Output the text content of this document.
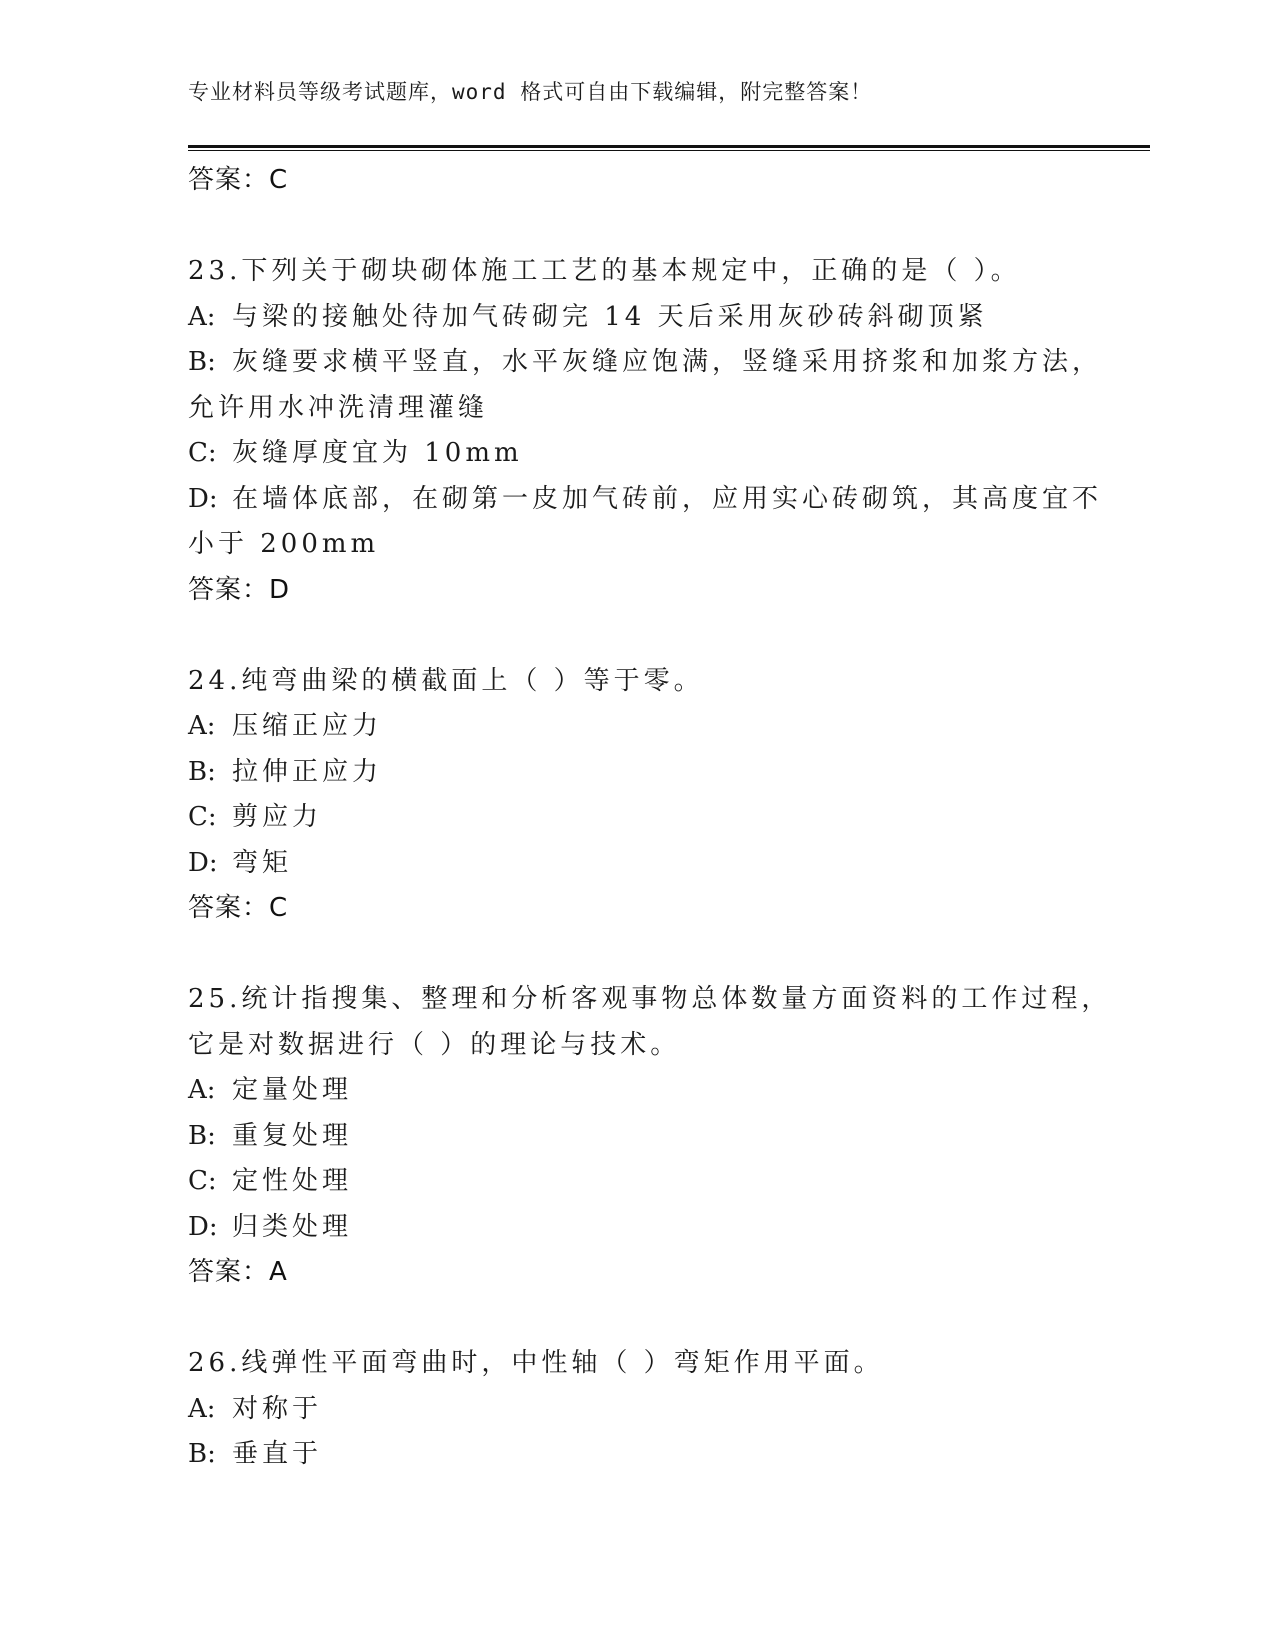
专业材料员等级考试题库，word 格式可自由下载编辑，附完整答案！
答案：C
23.下列关于砌块砌体施工工艺的基本规定中，正确的是（ ）。
A: 与梁的接触处待加气砖砌完 14 天后采用灰砂砖斜砌顶紧
B: 灰缝要求横平竖直，水平灰缝应饱满，竖缝采用挤浆和加浆方法，
允许用水冲洗清理灌缝
C: 灰缝厚度宜为 10mm
D: 在墙体底部，在砌第一皮加气砖前，应用实心砖砌筑，其高度宜不
小于 200mm
答案：D
24.纯弯曲梁的横截面上（ ）等于零。
A: 压缩正应力
B: 拉伸正应力
C: 剪应力
D: 弯矩
答案：C
25.统计指搜集、整理和分析客观事物总体数量方面资料的工作过程，
它是对数据进行（ ）的理论与技术。
A: 定量处理
B: 重复处理
C: 定性处理
D: 归类处理
答案：A
26.线弹性平面弯曲时，中性轴（ ）弯矩作用平面。
A: 对称于
B: 垂直于
